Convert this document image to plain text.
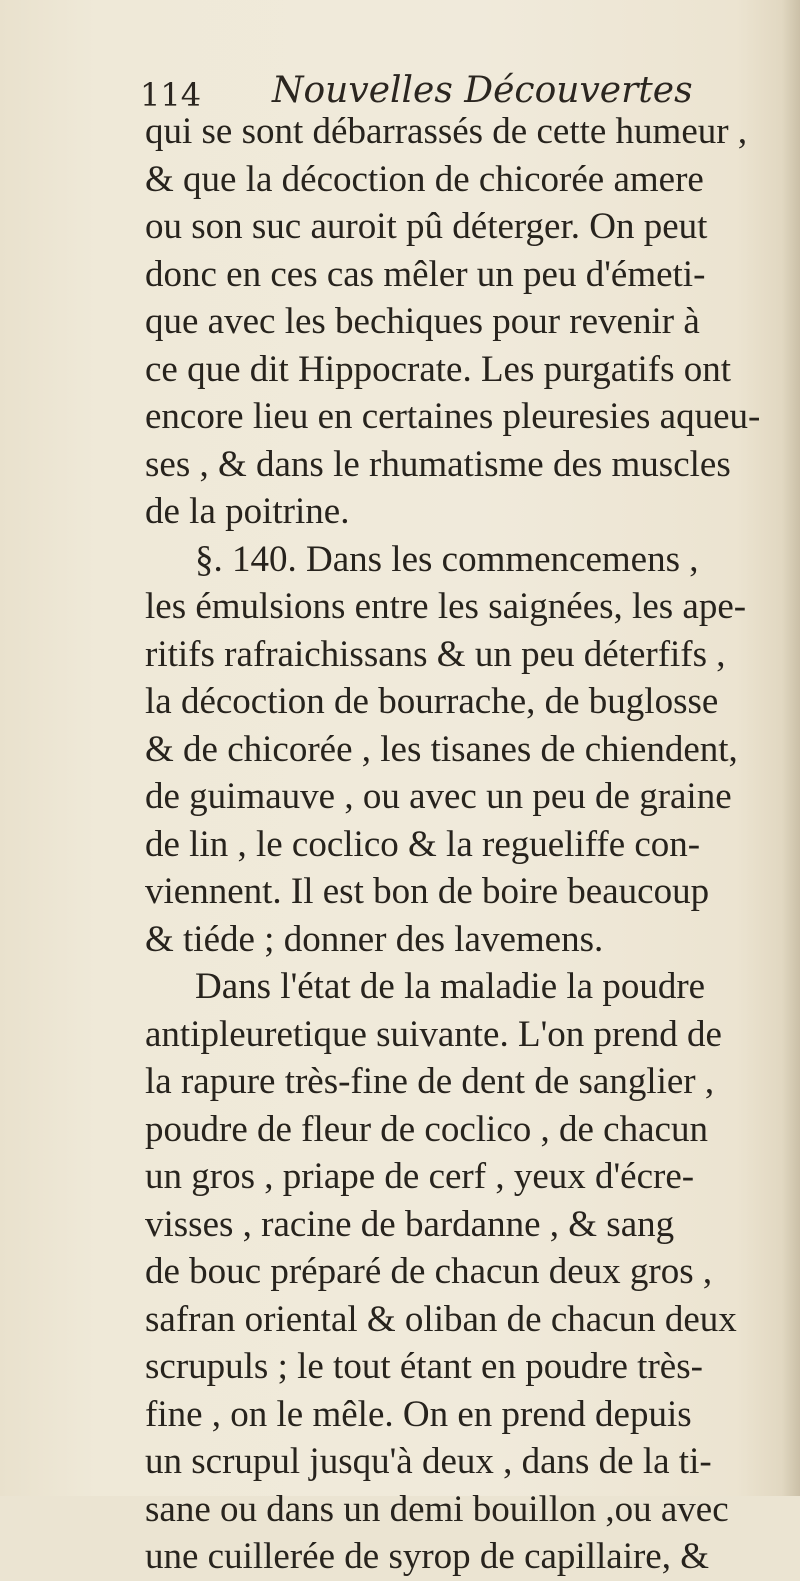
114 Nouvelles Découvertes
qui se sont débarrassés de cette humeur ,
& que la décoction de chicorée amere
ou son suc auroit pû déterger. On peut
donc en ces cas mêler un peu d'émeti-
que avec les bechiques pour revenir à
ce que dit Hippocrate. Les purgatifs ont
encore lieu en certaines pleuresies aqueu-
ses , & dans le rhumatisme des muscles
de la poitrine.
§. 140. Dans les commencemens ,
les émulsions entre les saignées, les ape-
ritifs rafraichissans & un peu déterfifs ,
la décoction de bourrache, de buglosse
& de chicorée , les tisanes de chiendent,
de guimauve , ou avec un peu de graine
de lin , le coclico & la regueliffe con-
viennent. Il est bon de boire beaucoup
& tiéde ; donner des lavemens.
Dans l'état de la maladie la poudre
antipleuretique suivante. L'on prend de
la rapure très-fine de dent de sanglier ,
poudre de fleur de coclico , de chacun
un gros , priape de cerf , yeux d'écre-
visses , racine de bardanne , & sang
de bouc préparé de chacun deux gros ,
safran oriental & oliban de chacun deux
scrupuls ; le tout étant en poudre très-
fine , on le mêle. On en prend depuis
un scrupul jusqu'à deux , dans de la ti-
sane ou dans un demi bouillon ,ou avec
une cuillerée de syrop de capillaire, &
